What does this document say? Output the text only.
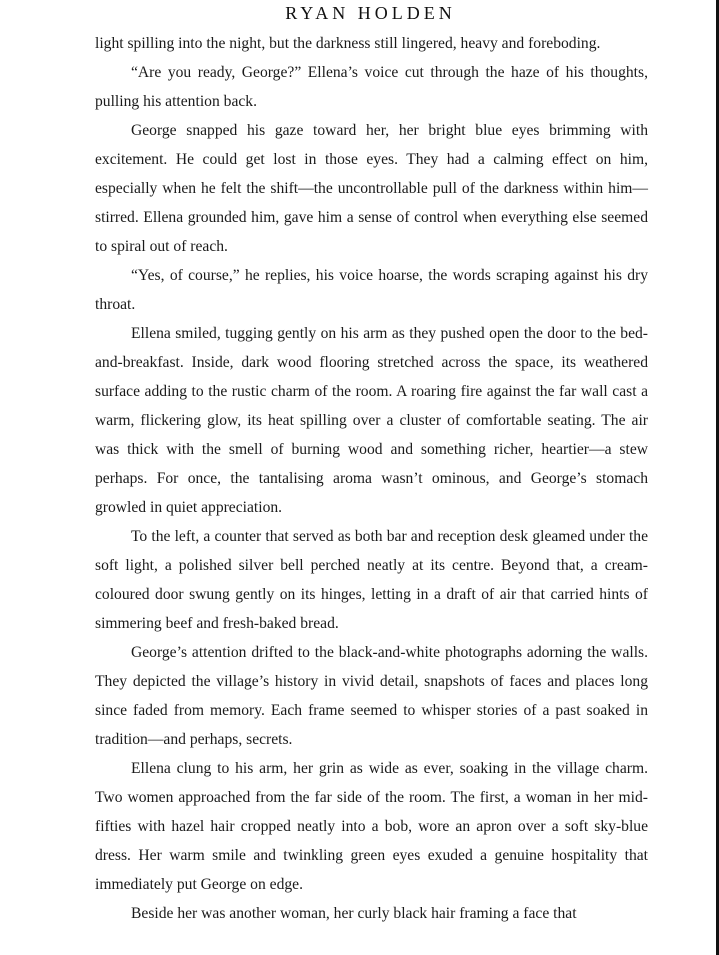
RYAN HOLDEN

light spilling into the night, but the darkness still lingered, heavy and foreboding.

“Are you ready, George?” Ellena’s voice cut through the haze of his thoughts, pulling his attention back.

George snapped his gaze toward her, her bright blue eyes brimming with excitement. He could get lost in those eyes. They had a calming effect on him, especially when he felt the shift—the uncontrollable pull of the darkness within him—stirred. Ellena grounded him, gave him a sense of control when everything else seemed to spiral out of reach.

“Yes, of course,” he replies, his voice hoarse, the words scraping against his dry throat.

Ellena smiled, tugging gently on his arm as they pushed open the door to the bed-and-breakfast. Inside, dark wood flooring stretched across the space, its weathered surface adding to the rustic charm of the room. A roaring fire against the far wall cast a warm, flickering glow, its heat spilling over a cluster of comfortable seating. The air was thick with the smell of burning wood and something richer, heartier—a stew perhaps. For once, the tantalising aroma wasn’t ominous, and George’s stomach growled in quiet appreciation.

To the left, a counter that served as both bar and reception desk gleamed under the soft light, a polished silver bell perched neatly at its centre. Beyond that, a cream-coloured door swung gently on its hinges, letting in a draft of air that carried hints of simmering beef and fresh-baked bread.

George’s attention drifted to the black-and-white photographs adorning the walls. They depicted the village’s history in vivid detail, snapshots of faces and places long since faded from memory. Each frame seemed to whisper stories of a past soaked in tradition—and perhaps, secrets.

Ellena clung to his arm, her grin as wide as ever, soaking in the village charm. Two women approached from the far side of the room. The first, a woman in her mid-fifties with hazel hair cropped neatly into a bob, wore an apron over a soft sky-blue dress. Her warm smile and twinkling green eyes exuded a genuine hospitality that immediately put George on edge.

Beside her was another woman, her curly black hair framing a face that
